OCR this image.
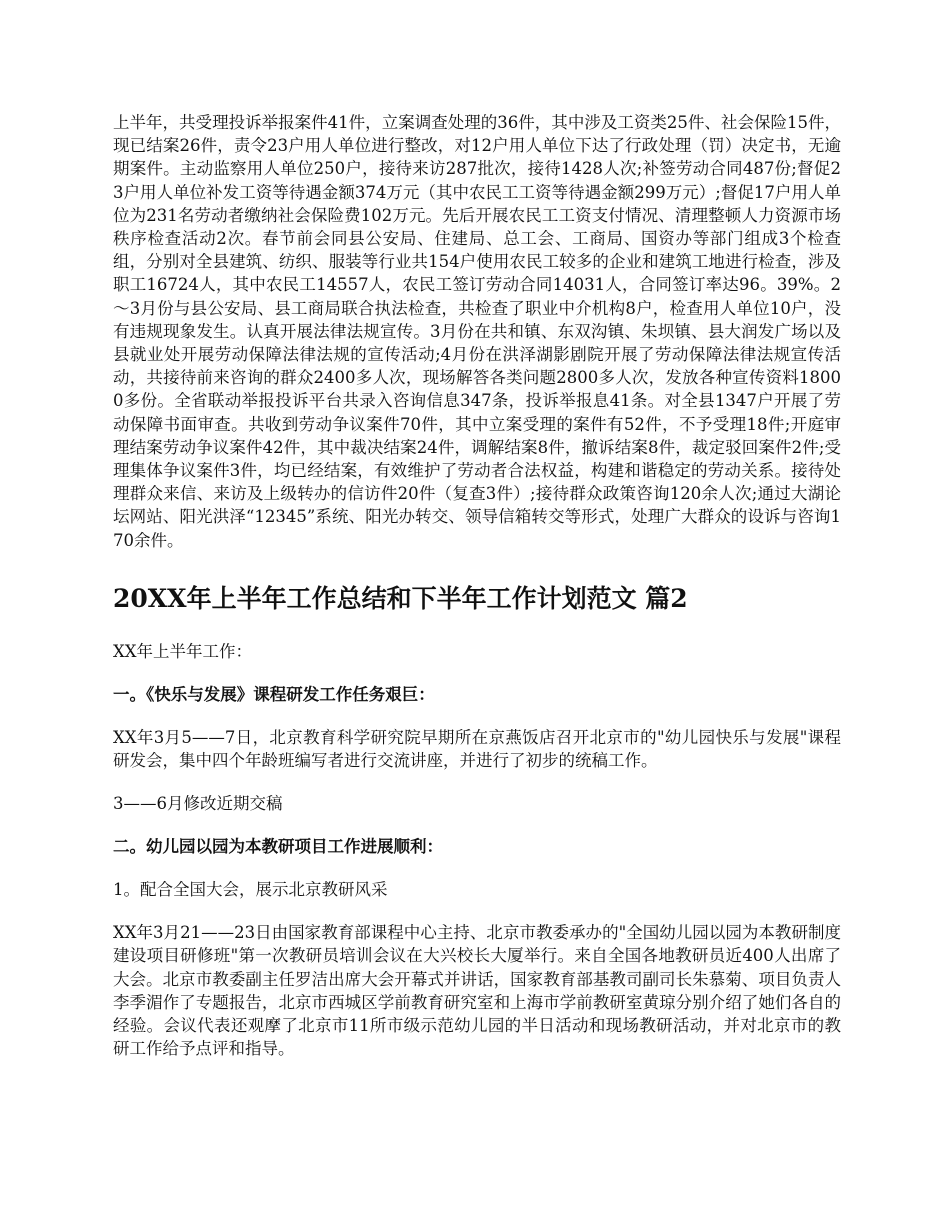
上半年，共受理投诉举报案件41件，立案调查处理的36件，其中涉及工资类25件、社会保险15件，现已结案26件，责令23户用人单位进行整改，对12户用人单位下达了行政处理（罚）决定书，无逾期案件。主动监察用人单位250户，接待来访287批次，接待1428人次;补签劳动合同487份;督促23户用人单位补发工资等待遇金额374万元（其中农民工工资等待遇金额299万元）;督促17户用人单位为231名劳动者缴纳社会保险费102万元。先后开展农民工工资支付情况、清理整顿人力资源市场秩序检查活动2次。春节前会同县公安局、住建局、总工会、工商局、国资办等部门组成3个检查组，分别对全县建筑、纺织、服装等行业共154户使用农民工较多的企业和建筑工地进行检查，涉及职工16724人，其中农民工14557人，农民工签订劳动合同14031人，合同签订率达96。39%。2～3月份与县公安局、县工商局联合执法检查，共检查了职业中介机构8户，检查用人单位10户，没有违规现象发生。认真开展法律法规宣传。3月份在共和镇、东双沟镇、朱坝镇、县大润发广场以及县就业处开展劳动保障法律法规的宣传活动;4月份在洪泽湖影剧院开展了劳动保障法律法规宣传活动，共接待前来咨询的群众2400多人次，现场解答各类问题2800多人次，发放各种宣传资料18000多份。全省联动举报投诉平台共录入咨询信息347条，投诉举报息41条。对全县1347户开展了劳动保障书面审查。共收到劳动争议案件70件，其中立案受理的案件有52件，不予受理18件;开庭审理结案劳动争议案件42件，其中裁决结案24件，调解结案8件，撤诉结案8件，裁定驳回案件2件;受理集体争议案件3件，均已经结案，有效维护了劳动者合法权益，构建和谐稳定的劳动关系。接待处理群众来信、来访及上级转办的信访件20件（复查3件）;接待群众政策咨询120余人次;通过大湖论坛网站、阳光洪泽“12345”系统、阳光办转交、领导信箱转交等形式，处理广大群众的设诉与咨询170余件。

20XX年上半年工作总结和下半年工作计划范文 篇2

XX年上半年工作：

一。《快乐与发展》课程研发工作任务艰巨：

XX年3月5——7日，北京教育科学研究院早期所在京燕饭店召开北京市的"幼儿园快乐与发展"课程研发会，集中四个年龄班编写者进行交流讲座，并进行了初步的统稿工作。

3——6月修改近期交稿

二。幼儿园以园为本教研项目工作进展顺利：

1。配合全国大会，展示北京教研风采

XX年3月21——23日由国家教育部课程中心主持、北京市教委承办的"全国幼儿园以园为本教研制度建设项目研修班"第一次教研员培训会议在大兴校长大厦举行。来自全国各地教研员近400人出席了大会。北京市教委副主任罗洁出席大会开幕式并讲话，国家教育部基教司副司长朱慕菊、项目负责人李季湄作了专题报告，北京市西城区学前教育研究室和上海市学前教研室黄琼分别介绍了她们各自的经验。会议代表还观摩了北京市11所市级示范幼儿园的半日活动和现场教研活动，并对北京市的教研工作给予点评和指导。
